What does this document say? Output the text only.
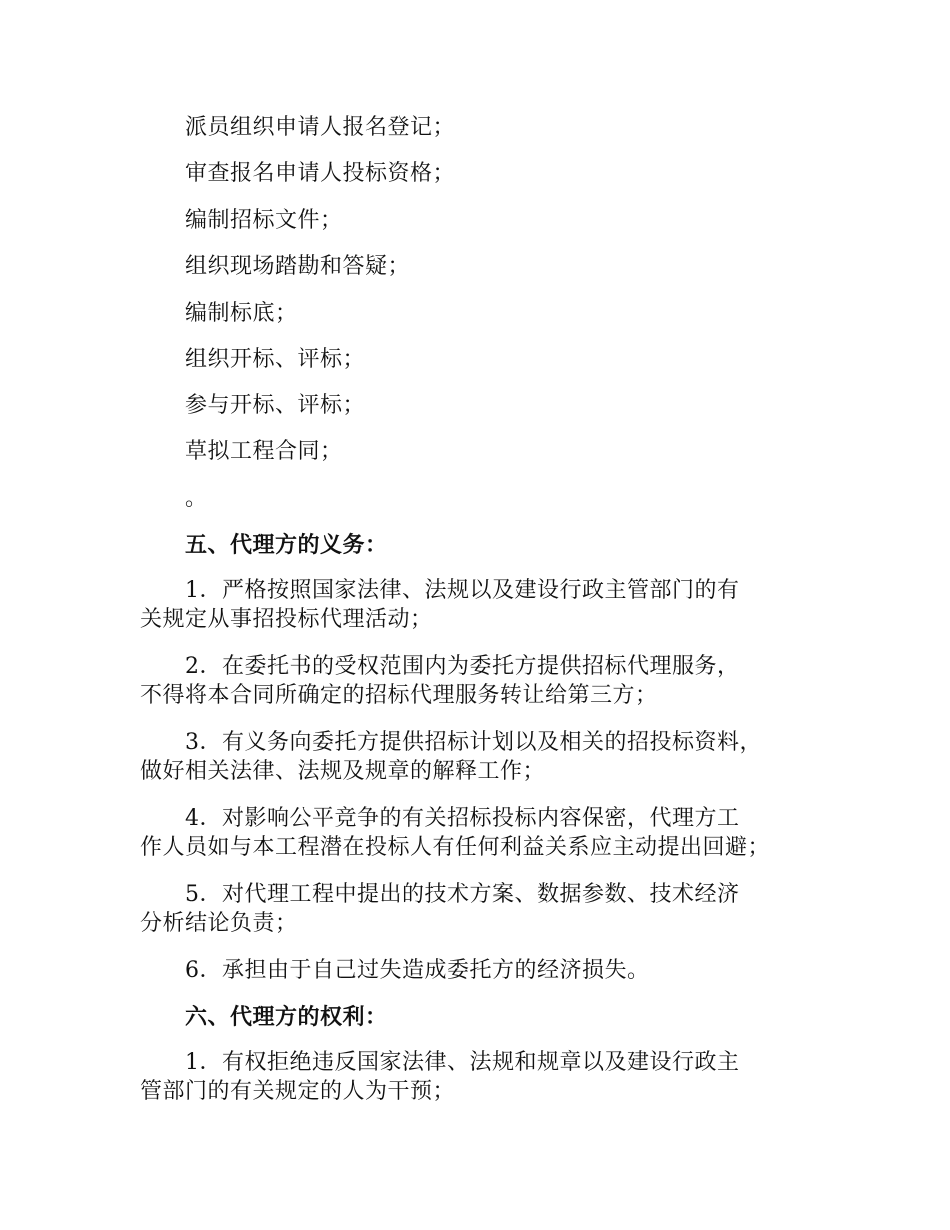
派员组织申请人报名登记；
审查报名申请人投标资格；
编制招标文件；
组织现场踏勘和答疑；
编制标底；
组织开标、评标；
参与开标、评标；
草拟工程合同；
。
五、代理方的义务：
1．严格按照国家法律、法规以及建设行政主管部门的有
关规定从事招投标代理活动；
2．在委托书的受权范围内为委托方提供招标代理服务，
不得将本合同所确定的招标代理服务转让给第三方；
3．有义务向委托方提供招标计划以及相关的招投标资料，
做好相关法律、法规及规章的解释工作；
4．对影响公平竞争的有关招标投标内容保密，代理方工
作人员如与本工程潜在投标人有任何利益关系应主动提出回避；
5．对代理工程中提出的技术方案、数据参数、技术经济
分析结论负责；
6．承担由于自己过失造成委托方的经济损失。
六、代理方的权利：
1．有权拒绝违反国家法律、法规和规章以及建设行政主
管部门的有关规定的人为干预；
